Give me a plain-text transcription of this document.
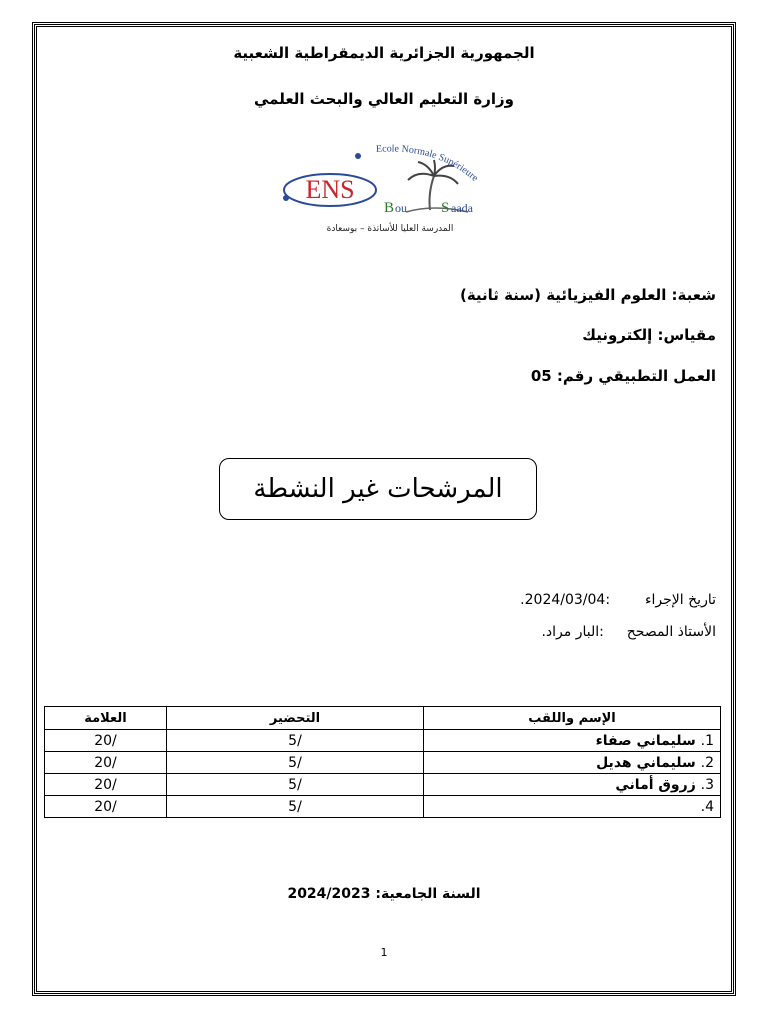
الجمهورية الجزائرية الديمقراطية الشعبية
وزارة التعليم العالي والبحث العلمي
ENS
Ecole Normale Supérieure
B ou S aada
المدرسة العليا للأساتذة – بوسعادة
شعبة: العلوم الفيزيائية (سنة ثانية)
مقياس: إلكترونيك
العمل التطبيقي رقم: 05
المرشحات غير النشطة
تاريخ الإجراء  :2024/03/04.
الأستاذ المصحح  :البار مراد.
الإسم واللقب	التحضير	العلامة
1. سليماني صفاء	/5	/20
2. سليماني هديل	/5	/20
3. زروق أماني	/5	/20
4.	/5	/20
السنة الجامعية: 2024/2023
1
